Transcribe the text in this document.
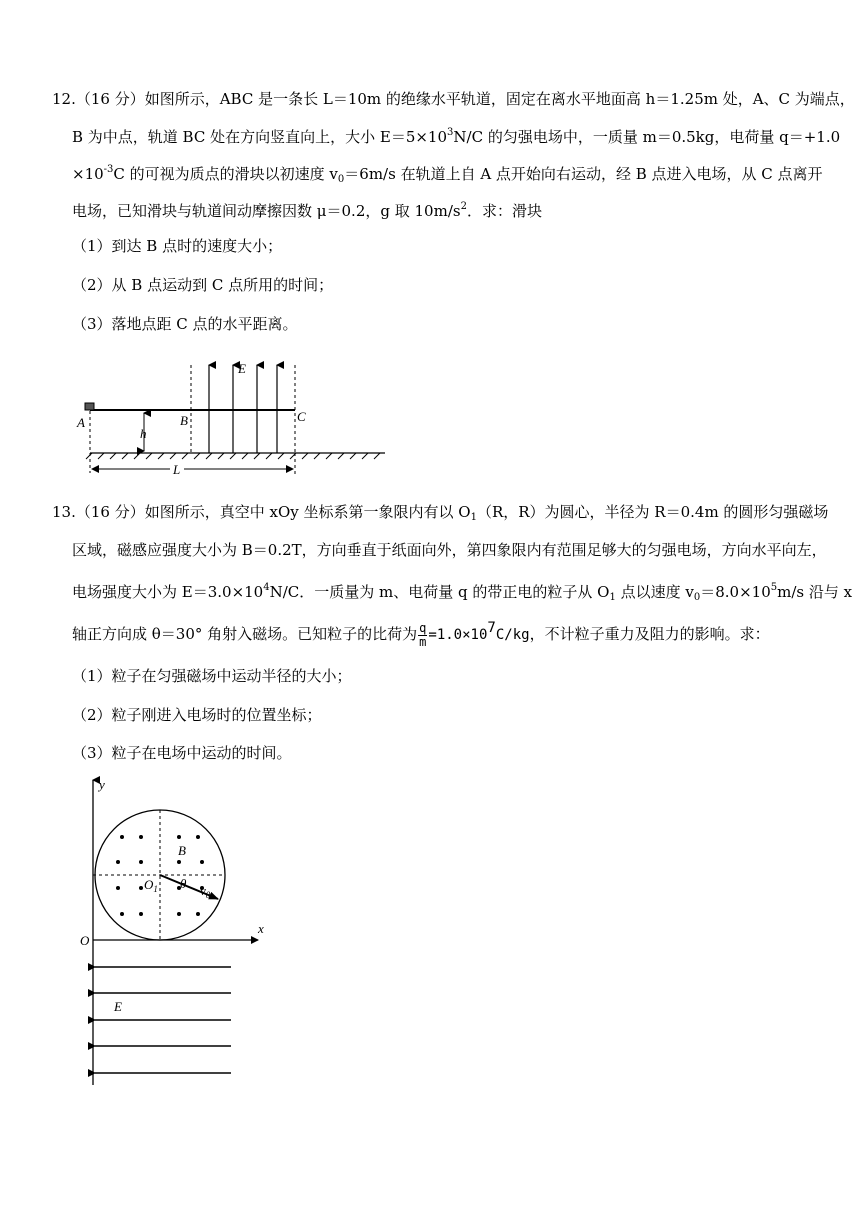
12.（16 分）如图所示，ABC 是一条长 L＝10m 的绝缘水平轨道，固定在离水平地面高 h＝1.25m 处，A、C 为端点，
B 为中点，轨道 BC 处在方向竖直向上，大小 $E=5\times 10^3N/C$ 的匀强电场中，一质量 m＝0.5kg，电荷量 q＝+1.0
$\times 10^{-3}C$ 的可视为质点的滑块以初速度 $v_0=6m/s$ 在轨道上自 A 点开始向右运动，经 B 点进入电场，从 C 点离开
电场，已知滑块与轨道间动摩擦因数 μ＝0.2，g 取 $10m/s^2$．求：滑块
（1）到达 B 点时的速度大小；
（2）从 B 点运动到 C 点所用的时间；
（3）落地点距 C 点的水平距离。
E
A	B	C
h
L
13.（16 分）如图所示，真空中 xOy 坐标系第一象限内有以 $O_1(R$，R）为圆心，半径为 R＝0.4m 的圆形匀强磁场
区域，磁感应强度大小为 B＝0.2T，方向垂直于纸面向外，第四象限内有范围足够大的匀强电场，方向水平向左，
电场强度大小为 $E=3.0\times 10^4N/C$．一质量为 m、电荷量 q 的带正电的粒子从 $O_1$ 点以速度 $v_0=8.0\times 10^5m/s$ 沿与 x
轴正方向成 θ＝30° 角射入磁场。已知粒子的比荷为 $\frac{q}{m} =1.0\times 107C/kg$，不计粒子重力及阻力的影响。求：
（1）粒子在匀强磁场中运动半径的大小；
（2）粒子刚进入电场时的位置坐标；
（3）粒子在电场中运动的时间。
y
x
O
B
$O_1$ θ $v_0$
E
